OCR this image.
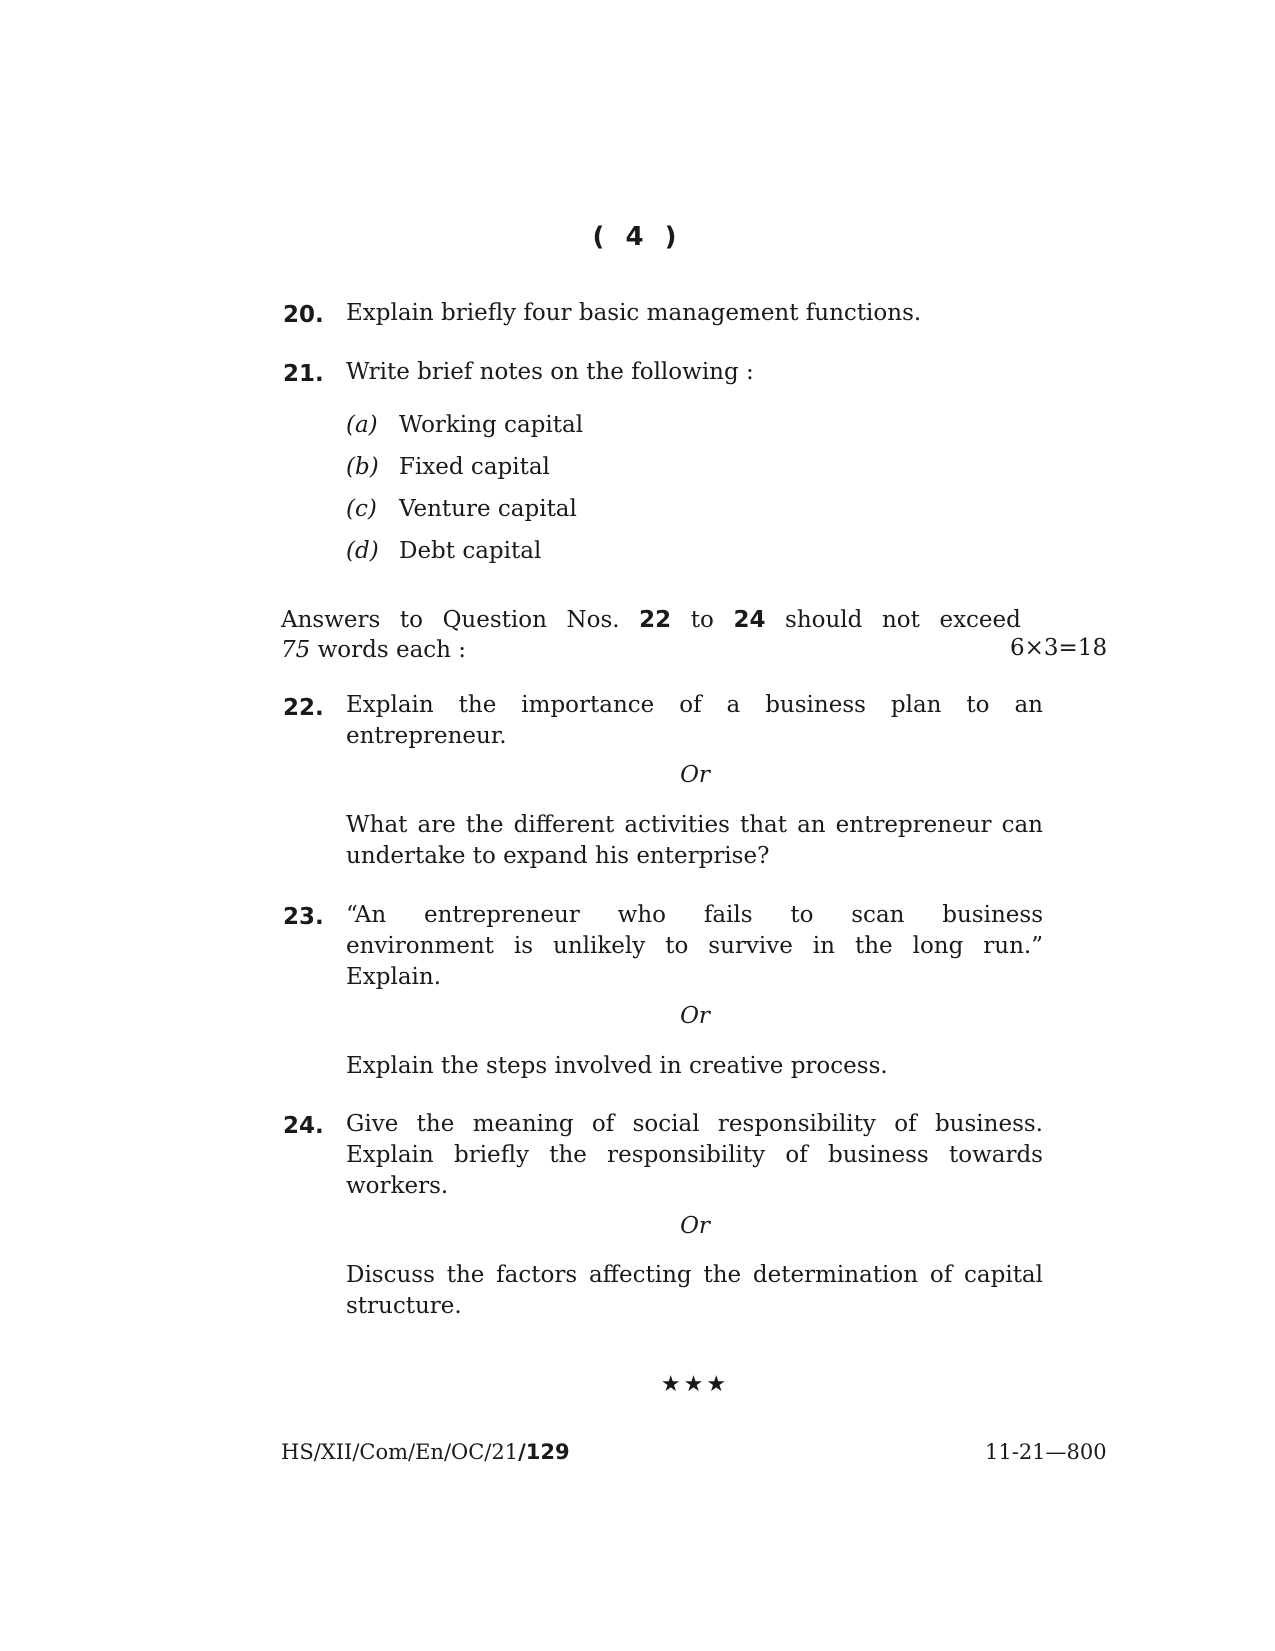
( 4 )
20. Explain briefly four basic management functions.
21. Write brief notes on the following :
(a) Working capital
(b) Fixed capital
(c) Venture capital
(d) Debt capital
Answers to Question Nos. 22 to 24 should not exceed
75 words each :	6×3=18
22. Explain the importance of a business plan to an
entrepreneur.
Or
What are the different activities that an entrepreneur can
undertake to expand his enterprise?
23. “An entrepreneur who fails to scan business
environment is unlikely to survive in the long run.”
Explain.
Or
Explain the steps involved in creative process.
24. Give the meaning of social responsibility of business.
Explain briefly the responsibility of business towards
workers.
Or
Discuss the factors affecting the determination of capital
structure.
★★★
HS/XII/Com/En/OC/21/129	11-21—800
